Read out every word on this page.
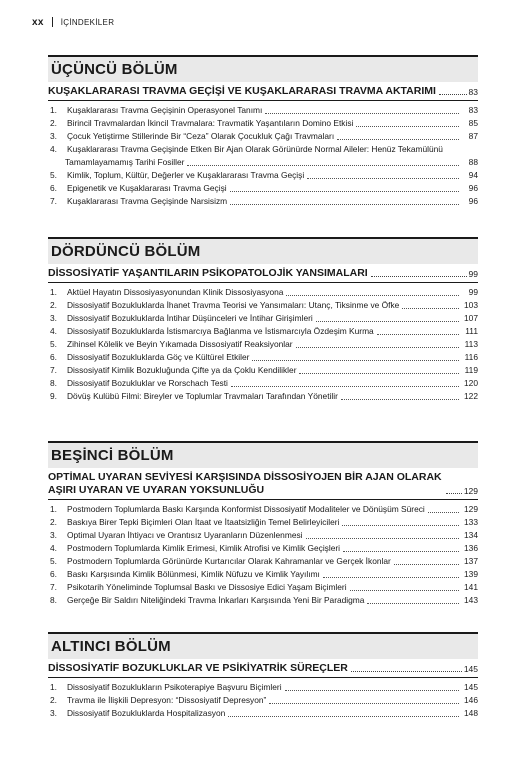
xx İÇİNDEKİLER
ÜÇÜNCÜ BÖLÜM
KUŞAKLARARASI TRAVMA GEÇİŞİ VE KUŞAKLARARASI TRAVMA AKTARIMI	83
1.	Kuşaklararası Travma Geçişinin Operasyonel Tanımı	83
2.	Birincil Travmalardan İkincil Travmalara: Travmatik Yaşantıların Domino Etkisi	85
3.	Çocuk Yetiştirme Stillerinde Bir “Ceza” Olarak Çocukluk Çağı Travmaları	87
4.	Kuşaklararası Travma Geçişinde Etken Bir Ajan Olarak Görünürde Normal Aileler: Henüz Tekamülünü
Tamamlayamamış Tarihi Fosiller	88
5.	Kimlik, Toplum, Kültür, Değerler ve Kuşaklararası Travma Geçişi	94
6.	Epigenetik ve Kuşaklararası Travma Geçişi	96
7.	Kuşaklararası Travma Geçişinde Narsisizm	96
DÖRDÜNCÜ BÖLÜM
DİSSOSİYATİF YAŞANTILARIN PSİKOPATOLOJİK YANSIMALARI	99
1.	Aktüel Hayatın Dissosiyasyonundan Klinik Dissosiyasyona	99
2.	Dissosiyatif Bozukluklarda İhanet Travma Teorisi ve Yansımaları: Utanç, Tiksinme ve Öfke	103
3.	Dissosiyatif Bozukluklarda İntihar Düşünceleri ve İntihar Girişimleri	107
4.	Dissosiyatif Bozukluklarda İstismarcıya Bağlanma ve İstismarcıyla Özdeşim Kurma	111
5.	Zihinsel Kölelik ve Beyin Yıkamada Dissosiyatif Reaksiyonlar	113
6.	Dissosiyatif Bozukluklarda Göç ve Kültürel Etkiler	116
7.	Dissosiyatif Kimlik Bozukluğunda Çifte ya da Çoklu Kendilikler	119
8.	Dissosiyatif Bozukluklar ve Rorschach Testi	120
9.	Dövüş Kulübü Filmi: Bireyler ve Toplumlar Travmaları Tarafından Yönetilir	122
BEŞİNCİ BÖLÜM
OPTİMAL UYARAN SEVİYESİ KARŞISINDA DİSSOSİYOJEN BİR AJAN OLARAK AŞIRI UYARAN VE UYARAN YOKSUNLUĞU	129
1.	Postmodern Toplumlarda Baskı Karşında Konformist Dissosiyatif Modaliteler ve Dönüşüm Süreci	129
2.	Baskıya Birer Tepki Biçimleri Olan İtaat ve İtaatsizliğin Temel Belirleyicileri	133
3.	Optimal Uyaran İhtiyacı ve Orantısız Uyaranların Düzenlenmesi	134
4.	Postmodern Toplumlarda Kimlik Erimesi, Kimlik Atrofisi ve Kimlik Geçişleri	136
5.	Postmodern Toplumlarda Görünürde Kurtarıcılar Olarak Kahramanlar ve Gerçek İkonlar	137
6.	Baskı Karşısında Kimlik Bölünmesi, Kimlik Nüfuzu ve Kimlik Yayılımı	139
7.	Psikotarih Yöneliminde Toplumsal Baskı ve Dissosiye Edici Yaşam Biçimleri	141
8.	Gerçeğe Bir Saldırı Niteliğindeki Travma İnkarları Karşısında Yeni Bir Paradigma	143
ALTINCI BÖLÜM
DİSSOSİYATİF BOZUKLUKLAR VE PSİKİYATRİK SÜREÇLER	145
1.	Dissosiyatif Bozuklukların Psikoterapiye Başvuru Biçimleri	145
2.	Travma ile İlişkili Depresyon: “Dissosiyatif Depresyon”	146
3.	Dissosiyatif Bozukluklarda Hospitalizasyon	148
